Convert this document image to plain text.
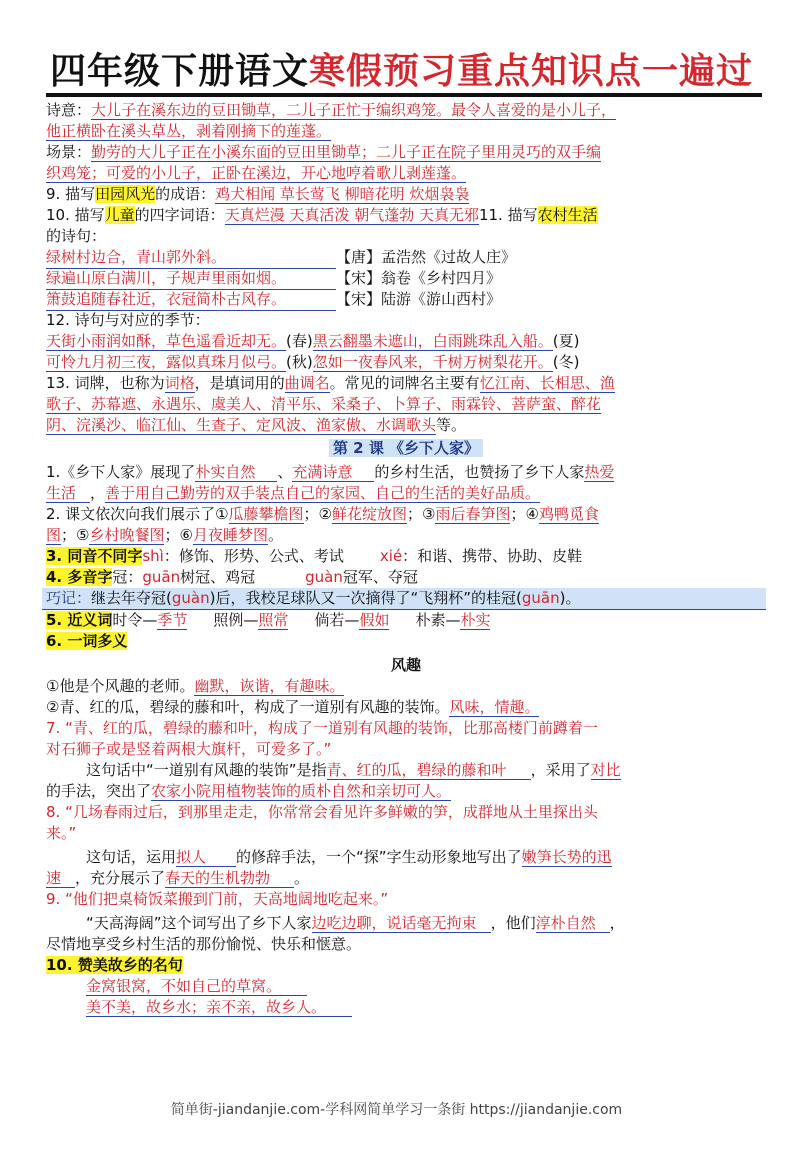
四年级下册语文寒假预习重点知识点一遍过
诗意：大儿子在溪东边的豆田锄草，二儿子正忙于编织鸡笼。最令人喜爱的是小儿子，
他正横卧在溪头草丛，剥着刚摘下的莲蓬。
场景：勤劳的大儿子正在小溪东面的豆田里锄草；二儿子正在院子里用灵巧的双手编
织鸡笼；可爱的小儿子，正卧在溪边，开心地哼着歌儿剥莲蓬。
9. 描写田园风光的成语：鸡犬相闻 草长莺飞 柳暗花明 炊烟袅袅
10. 描写儿童的四字词语：天真烂漫 天真活泼 朝气蓬勃 天真无邪11. 描写农村生活
的诗句：
绿树村边合，青山郭外斜。	【唐】孟浩然《过故人庄》
绿遍山原白满川，子规声里雨如烟。	【宋】翁卷《乡村四月》
箫鼓追随春社近，衣冠简朴古风存。	【宋】陆游《游山西村》
12. 诗句与对应的季节：
天街小雨润如酥，草色遥看近却无。(春)黑云翻墨未遮山，白雨跳珠乱入船。(夏)
可怜九月初三夜，露似真珠月似弓。(秋)忽如一夜春风来，千树万树梨花开。(冬)
13. 词牌，也称为词格，是填词用的曲调名。常见的词牌名主要有忆江南、长相思、渔
歌子、苏幕遮、永遇乐、虞美人、清平乐、采桑子、卜算子、雨霖铃、菩萨蛮、醉花
阴、浣溪沙、临江仙、生查子、定风波、渔家傲、水调歌头等。
第 2 课 《乡下人家》
1.《乡下人家》展现了朴实自然 、充满诗意 的乡村生活，也赞扬了乡下人家热爱
生活 ，善于用自己勤劳的双手装点自己的家园、自己的生活的美好品质。
2. 课文依次向我们展示了①瓜藤攀檐图；②鲜花绽放图；③雨后春笋图；④鸡鸭觅食
图；⑤乡村晚餐图；⑥月夜睡梦图。
3. 同音不同字shì：修饰、形势、公式、考试 xié：和谐、携带、协助、皮鞋
4. 多音字冠：guān树冠、鸡冠	guàn冠军、夺冠
巧记：继去年夺冠(guàn)后，我校足球队又一次摘得了“飞翔杯”的桂冠(guān)。
5. 近义词时令—季节 照例—照常 倘若—假如 朴素—朴实
6. 一词多义
风趣
①他是个风趣的老师。幽默，诙谐，有趣味。
②青、红的瓜，碧绿的藤和叶，构成了一道别有风趣的装饰。风味，情趣。
7. “青、红的瓜，碧绿的藤和叶，构成了一道别有风趣的装饰，比那高楼门前蹲着一
对石狮子或是竖着两根大旗杆，可爱多了。”
这句话中“一道别有风趣的装饰”是指青、红的瓜，碧绿的藤和叶 ，采用了对比
的手法，突出了农家小院用植物装饰的质朴自然和亲切可人。
8. “几场春雨过后，到那里走走，你常常会看见许多鲜嫩的笋，成群地从土里探出头
来。”
这句话，运用拟人 的修辞手法，一个“探”字生动形象地写出了嫩笋长势的迅
速 ，充分展示了春天的生机勃勃 。
9. “他们把桌椅饭菜搬到门前，天高地阔地吃起来。”
“天高海阔”这个词写出了乡下人家边吃边聊，说话毫无拘束 ，他们淳朴自然 ，
尽情地享受乡村生活的那份愉悦、快乐和惬意。
10. 赞美故乡的名句
金窝银窝，不如自己的草窝。
美不美，故乡水；亲不亲，故乡人。
简单街-jiandanjie.com-学科网简单学习一条街 https://jiandanjie.com
